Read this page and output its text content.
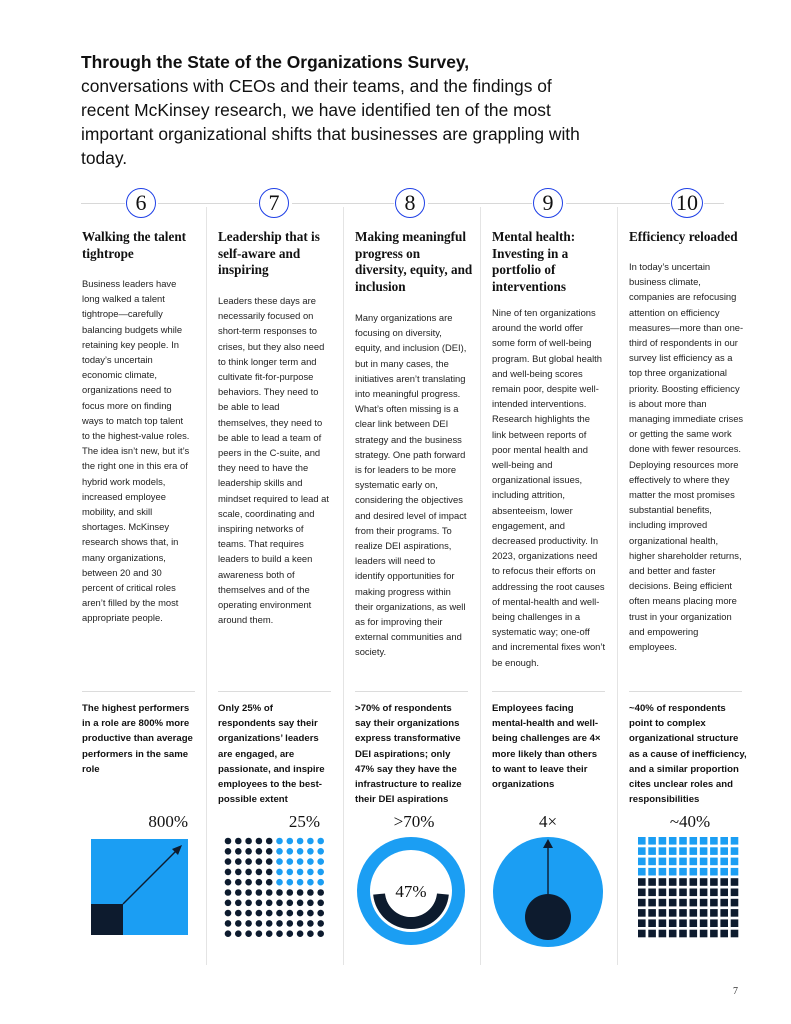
Through the State of the Organizations Survey, conversations with CEOs and their teams, and the findings of recent McKinsey research, we have identified ten of the most important organizational shifts that businesses are grappling with today.
6	7	8	9	10
Walking the talent tightrope
Leadership that is self-aware and inspiring
Making meaningful progress on diversity, equity, and inclusion
Mental health: Investing in a portfolio of interventions
Efficiency reloaded
Business leaders have long walked a talent tightrope—carefully balancing budgets while retaining key people. In today’s uncertain economic climate, organizations need to focus more on finding ways to match top talent to the highest-value roles. The idea isn’t new, but it’s the right one in this era of hybrid work models, increased employee mobility, and skill shortages. McKinsey research shows that, in many organizations, between 20 and 30 percent of critical roles aren’t filled by the most appropriate people.
Leaders these days are necessarily focused on short-term responses to crises, but they also need to think longer term and cultivate fit-for-purpose behaviors. They need to be able to lead themselves, they need to be able to lead a team of peers in the C-suite, and they need to have the leadership skills and mindset required to lead at scale, coordinating and inspiring networks of teams. That requires leaders to build a keen awareness both of themselves and of the operating environment around them.
Many organizations are focusing on diversity, equity, and inclusion (DEI), but in many cases, the initiatives aren’t translating into meaningful progress. What’s often missing is a clear link between DEI strategy and the business strategy. One path forward is for leaders to be more systematic early on, considering the objectives and desired level of impact from their programs. To realize DEI aspirations, leaders will need to identify opportunities for making progress within their organizations, as well as for improving their external communities and society.
Nine of ten organizations around the world offer some form of well-being program. But global health and well-being scores remain poor, despite well-intended interventions. Research highlights the link between reports of poor mental health and well-being and organizational issues, including attrition, absenteeism, lower engagement, and decreased productivity. In 2023, organizations need to refocus their efforts on addressing the root causes of mental-health and well-being challenges in a systematic way; one-off and incremental fixes won’t be enough.
In today’s uncertain business climate, companies are refocusing attention on efficiency measures—more than one-third of respondents in our survey list efficiency as a top three organizational priority. Boosting efficiency is about more than managing immediate crises or getting the same work done with fewer resources. Deploying resources more effectively to where they matter the most promises substantial benefits, including improved organizational health, higher shareholder returns, and better and faster decisions. Being efficient often means placing more trust in your organization and empowering employees.
The highest performers in a role are 800% more productive than average performers in the same role
Only 25% of respondents say their organizations’ leaders are engaged, are passionate, and inspire employees to the best-possible extent
>70% of respondents say their organizations express transformative DEI aspirations; only 47% say they have the infrastructure to realize their DEI aspirations
Employees facing mental-health and well-being challenges are 4× more likely than others to want to leave their organizations
~40% of respondents point to complex organizational structure as a cause of inefficiency, and a similar proportion cites unclear roles and responsibilities
800%	25%	>70%	4×	~40%
47%
7
